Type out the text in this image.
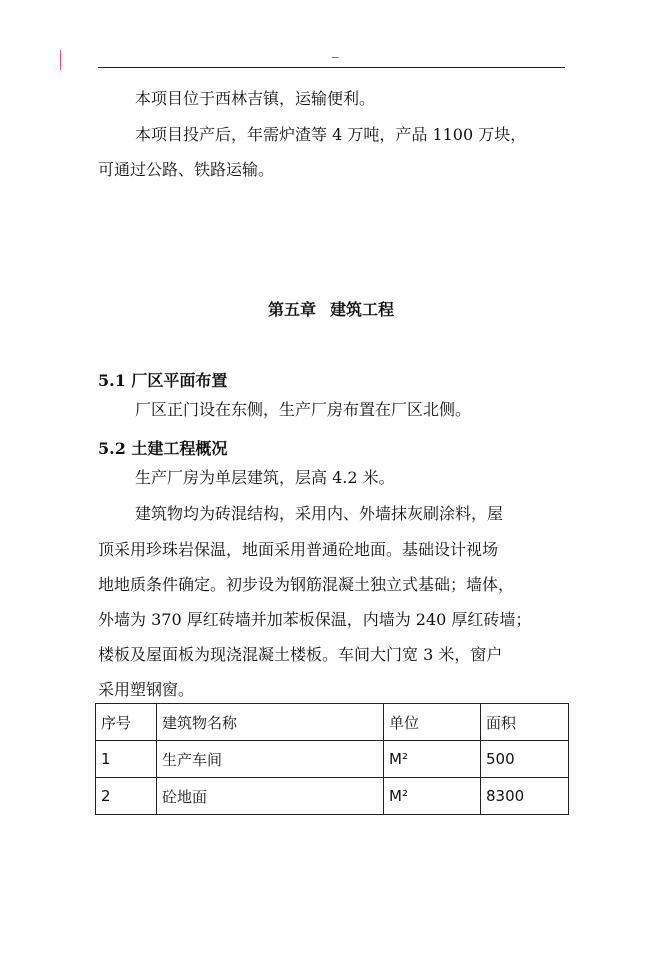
本项目位于西林吉镇，运输便利。
本项目投产后，年需炉渣等 4 万吨，产品 1100 万块，
可通过公路、铁路运输。
第五章 建筑工程
5.1 厂区平面布置
厂区正门设在东侧，生产厂房布置在厂区北侧。
5.2 土建工程概况
生产厂房为单层建筑，层高 4.2 米。
建筑物均为砖混结构，采用内、外墙抹灰刷涂料，屋
顶采用珍珠岩保温，地面采用普通砼地面。基础设计视场
地地质条件确定。初步设为钢筋混凝土独立式基础；墙体，
外墙为 370 厚红砖墙并加苯板保温，内墙为 240 厚红砖墙；
楼板及屋面板为现浇混凝土楼板。车间大门宽 3 米，窗户
采用塑钢窗。
序号	建筑物名称	单位	面积
1	生产车间	M²	500
2	砼地面	M²	8300
